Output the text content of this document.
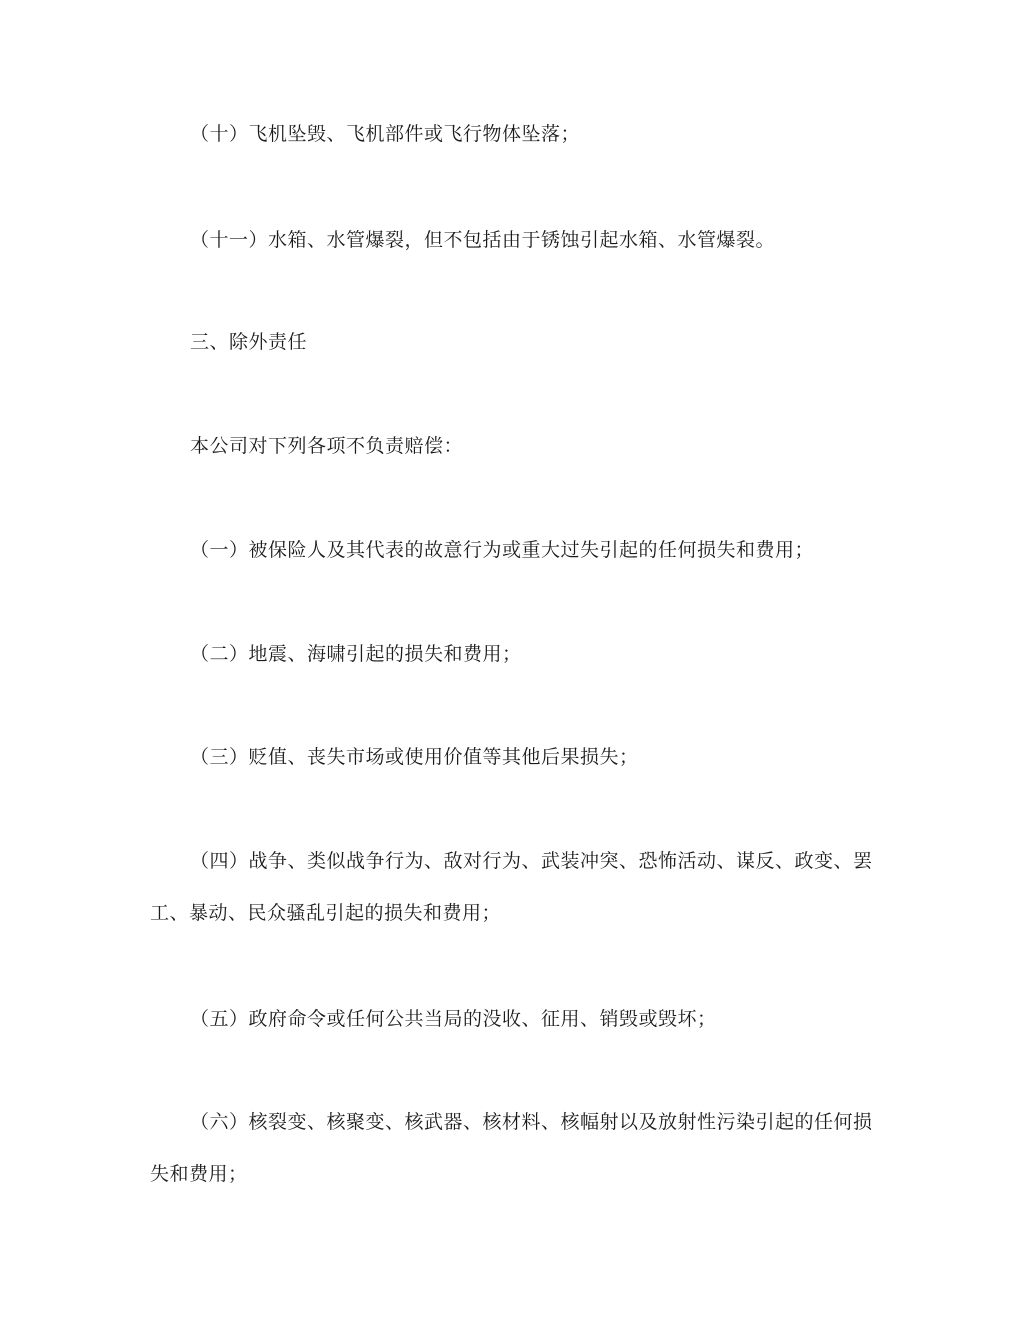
（十）飞机坠毁、飞机部件或飞行物体坠落；

（十一）水箱、水管爆裂，但不包括由于锈蚀引起水箱、水管爆裂。

三、除外责任

本公司对下列各项不负责赔偿：

（一）被保险人及其代表的故意行为或重大过失引起的任何损失和费用；

（二）地震、海啸引起的损失和费用；

（三）贬值、丧失市场或使用价值等其他后果损失；

（四）战争、类似战争行为、敌对行为、武装冲突、恐怖活动、谋反、政变、罢工、暴动、民众骚乱引起的损失和费用；

（五）政府命令或任何公共当局的没收、征用、销毁或毁坏；

（六）核裂变、核聚变、核武器、核材料、核幅射以及放射性污染引起的任何损失和费用；
